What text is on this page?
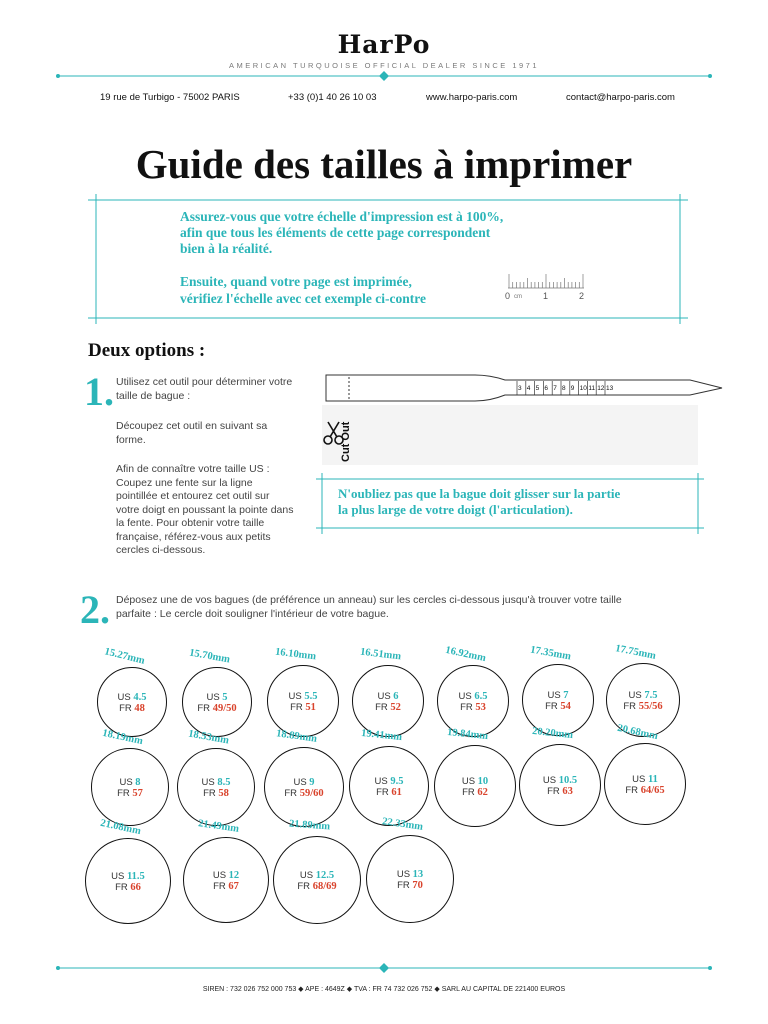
HarPo
AMERICAN TURQUOISE OFFICIAL DEALER SINCE 1971
3 4 5 6 7 8 9 10 11 12 13
19 rue de Turbigo - 75002 PARIS	+33 (0)1 40 26 10 03	www.harpo-paris.com	contact@harpo-paris.com
Guide des tailles à imprimer
Assurez-vous que votre échelle d'impression est à 100%,
afin que tous les éléments de cette page correspondent
bien à la réalité.
Ensuite, quand votre page est imprimée,
vérifiez l'échelle avec cet exemple ci-contre	0 cm 1	2
Deux options :
1. Utilisez cet outil pour déterminer votre taille de bague :
Découpez cet outil en suivant sa forme.
Afin de connaître votre taille US : Coupez une fente sur la ligne pointillée et entourez cet outil sur votre doigt en poussant la pointe dans la fente. Pour obtenir votre taille française, référez-vous aux petits cercles ci-dessous.
Cut Out
N'oubliez pas que la bague doit glisser sur la partie
la plus large de votre doigt (l'articulation).
2. Déposez une de vos bagues (de préférence un anneau) sur les cercles ci-dessous jusqu'à trouver votre taille parfaite : Le cercle doit souligner l'intérieur de votre bague.
US 4.5
FR 48
15.27mm
US 5
FR 49/50
15.70mm
US 5.5
FR 51
16.10mm
US 6
FR 52
16.51mm
US 6.5
FR 53
16.92mm
US 7
FR 54
17.35mm
US 7.5
FR 55/56
17.75mm
US 8
FR 57
18.19mm
US 8.5
FR 58
18.53mm
US 9
FR 59/60
18.89mm
US 9.5
FR 61
19.41mm
US 10
FR 62
19.84mm
US 10.5
FR 63
20.20mm
US 11
FR 64/65
20.68mm
US 11.5
FR 66
21.08mm
US 12
FR 67
21.49mm
US 12.5
FR 68/69
21.89mm
US 13
FR 70
22.33mm
SIREN : 732 026 752 000 753 ◆ APE : 4649Z ◆ TVA : FR 74 732 026 752 ◆ SARL AU CAPITAL DE 221400 EUROS
